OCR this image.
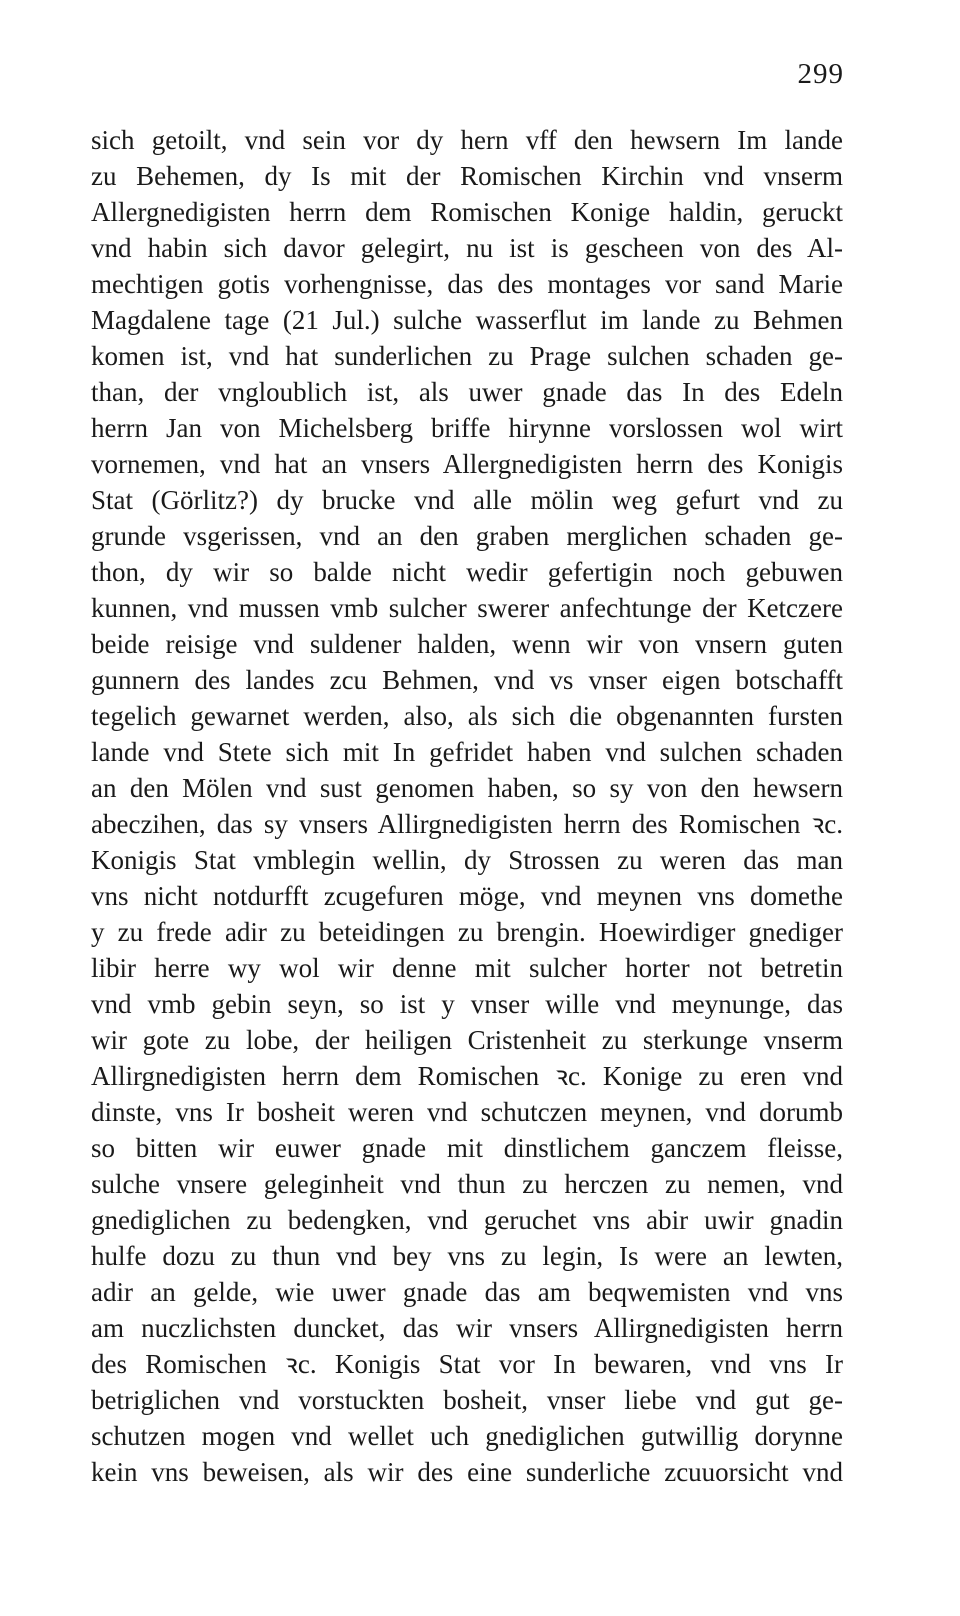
299
sich getoilt, vnd sein vor dy hern vff den hewsern Im lande
zu Behemen, dy Is mit der Romischen Kirchin vnd vnserm
Allergnedigisten herrn dem Romischen Konige haldin, geruckt
vnd habin sich davor gelegirt, nu ist is gescheen von des Al-
mechtigen gotis vorhengnisse, das des montages vor sand Marie
Magdalene tage (21 Jul.) sulche wasserflut im lande zu Behmen
komen ist, vnd hat sunderlichen zu Prage sulchen schaden ge-
than, der vngloublich ist, als uwer gnade das In des Edeln
herrn Jan von Michelsberg briffe hirynne vorslossen wol wirt
vornemen, vnd hat an vnsers Allergnedigisten herrn des Konigis
Stat (Görlitz?) dy brucke vnd alle mölin weg gefurt vnd zu
grunde vsgerissen, vnd an den graben merglichen schaden ge-
thon, dy wir so balde nicht wedir gefertigin noch gebuwen
kunnen, vnd mussen vmb sulcher swerer anfechtunge der Ketczere
beide reisige vnd suldener halden, wenn wir von vnsern guten
gunnern des landes zcu Behmen, vnd vs vnser eigen botschafft
tegelich gewarnet werden, also, als sich die obgenannten fursten
lande vnd Stete sich mit In gefridet haben vnd sulchen schaden
an den Mölen vnd sust genomen haben, so sy von den hewsern
abeczihen, das sy vnsers Allirgnedigisten herrn des Romischen ꝛc.
Konigis Stat vmblegin wellin, dy Strossen zu weren das man
vns nicht notdurfft zcugefuren möge, vnd meynen vns domethe
y zu frede adir zu beteidingen zu brengin. Hoewirdiger gnediger
libir herre wy wol wir denne mit sulcher horter not betretin
vnd vmb gebin seyn, so ist y vnser wille vnd meynunge, das
wir gote zu lobe, der heiligen Cristenheit zu sterkunge vnserm
Allirgnedigisten herrn dem Romischen ꝛc. Konige zu eren vnd
dinste, vns Ir bosheit weren vnd schutczen meynen, vnd dorumb
so bitten wir euwer gnade mit dinstlichem ganczem fleisse,
sulche vnsere geleginheit vnd thun zu herczen zu nemen, vnd
gnediglichen zu bedengken, vnd geruchet vns abir uwir gnadin
hulfe dozu zu thun vnd bey vns zu legin, Is were an lewten,
adir an gelde, wie uwer gnade das am beqwemisten vnd vns
am nuczlichsten duncket, das wir vnsers Allirgnedigisten herrn
des Romischen ꝛc. Konigis Stat vor In bewaren, vnd vns Ir
betriglichen vnd vorstuckten bosheit, vnser liebe vnd gut ge-
schutzen mogen vnd wellet uch gnediglichen gutwillig dorynne
kein vns beweisen, als wir des eine sunderliche zcuuorsicht vnd
